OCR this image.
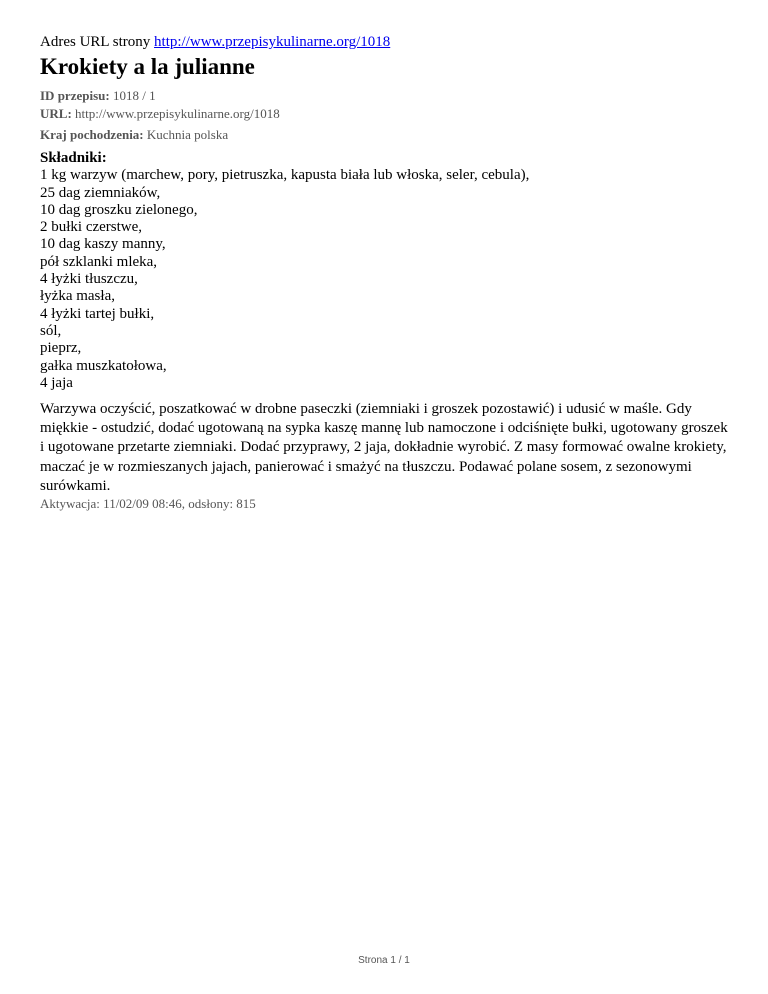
Adres URL strony http://www.przepisykulinarne.org/1018
Krokiety a la julianne
ID przepisu: 1018 / 1
URL: http://www.przepisykulinarne.org/1018
Kraj pochodzenia: Kuchnia polska
Składniki:
1 kg warzyw (marchew, pory, pietruszka, kapusta biała lub włoska, seler, cebula),
25 dag ziemniaków,
10 dag groszku zielonego,
2 bułki czerstwe,
10 dag kaszy manny,
pół szklanki mleka,
4 łyżki tłuszczu,
łyżka masła,
4 łyżki tartej bułki,
sól,
pieprz,
gałka muszkatołowa,
4 jaja

Warzywa oczyścić, poszatkować w drobne paseczki (ziemniaki i groszek pozostawić) i udusić w maśle. Gdy miękkie - ostudzić, dodać ugotowaną na sypka kaszę mannę lub namoczone i odciśnięte bułki, ugotowany groszek i ugotowane przetarte ziemniaki. Dodać przyprawy, 2 jaja, dokładnie wyrobić. Z masy formować owalne krokiety, maczać je w rozmieszanych jajach, panierować i smażyć na tłuszczu. Podawać polane sosem, z sezonowymi surówkami.

Aktywacja: 11/02/09 08:46, odsłony: 815
Strona 1 / 1
